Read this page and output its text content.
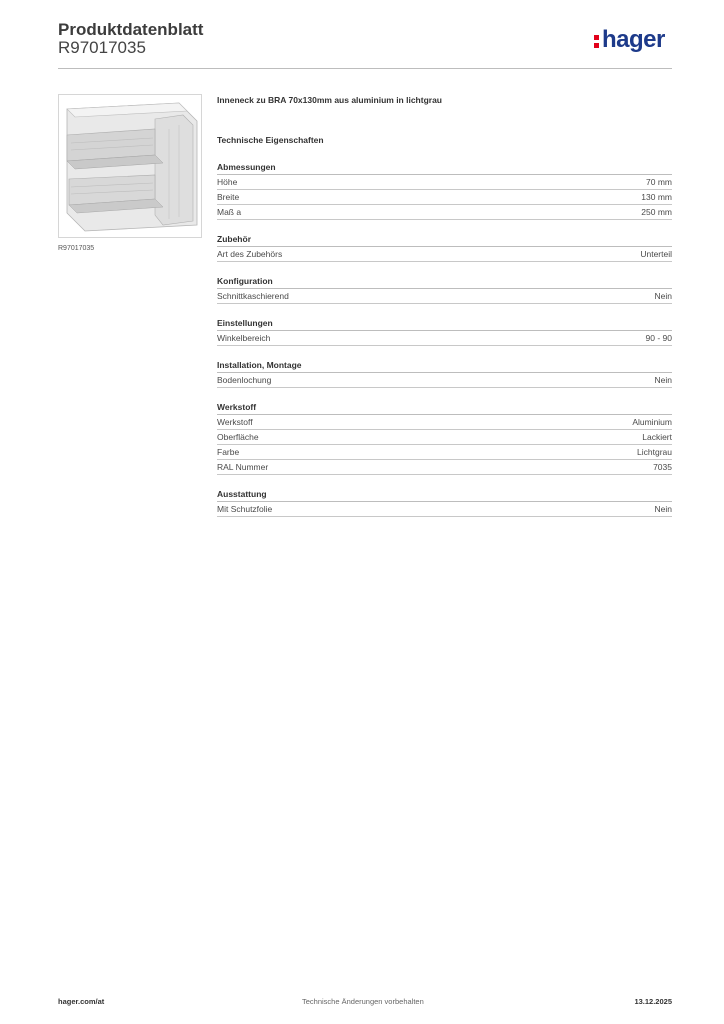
Produktdatenblatt
R97017035	hager
R97017035
Inneneck zu BRA 70x130mm aus aluminium in lichtgrau
Technische Eigenschaften
Abmessungen
Höhe	70 mm
Breite	130 mm
Maß a	250 mm
Zubehör
Art des Zubehörs	Unterteil
Konfiguration
Schnittkaschierend	Nein
Einstellungen
Winkelbereich	90 - 90
Installation, Montage
Bodenlochung	Nein
Werkstoff
Werkstoff	Aluminium
Oberfläche	Lackiert
Farbe	Lichtgrau
RAL Nummer	7035
Ausstattung
Mit Schutzfolie	Nein
hager.com/at	Technische Änderungen vorbehalten	13.12.2025
